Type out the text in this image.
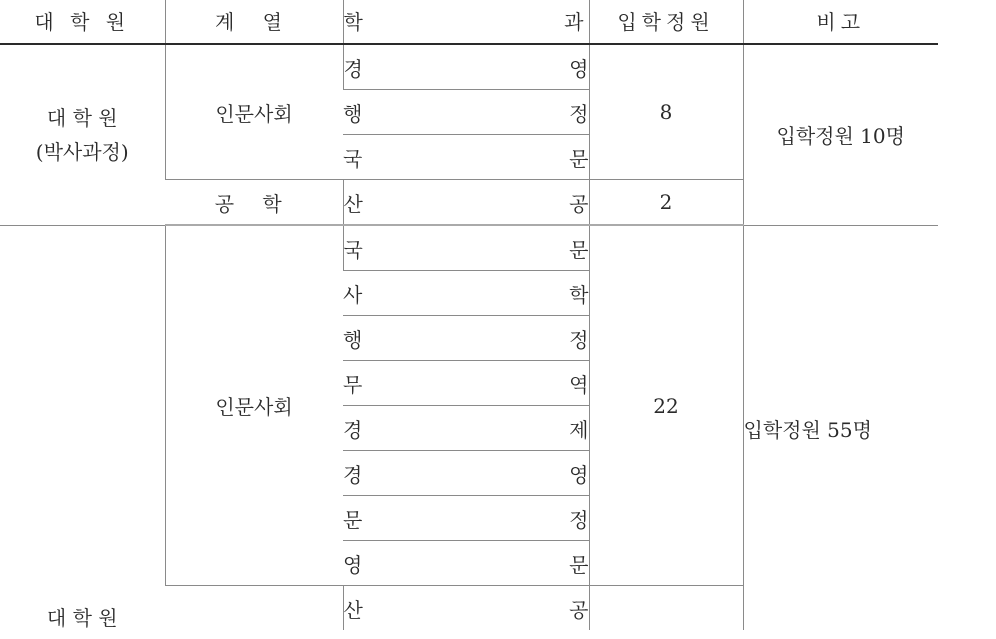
대 학 원	계 열	학 과	입학정원	비고

대 학 원
(박사과정)	인문사회	경 영	8	입학정원 10명

		행 정		

		국 문		

	공 학	산 공	2	
대 학 원	인문사회	국 문	22	입학정원 55명

		사 학		

		행 정		

		무 역		

		경 제		

		경 영		

		문 정		

		영 문		

		산 공		
